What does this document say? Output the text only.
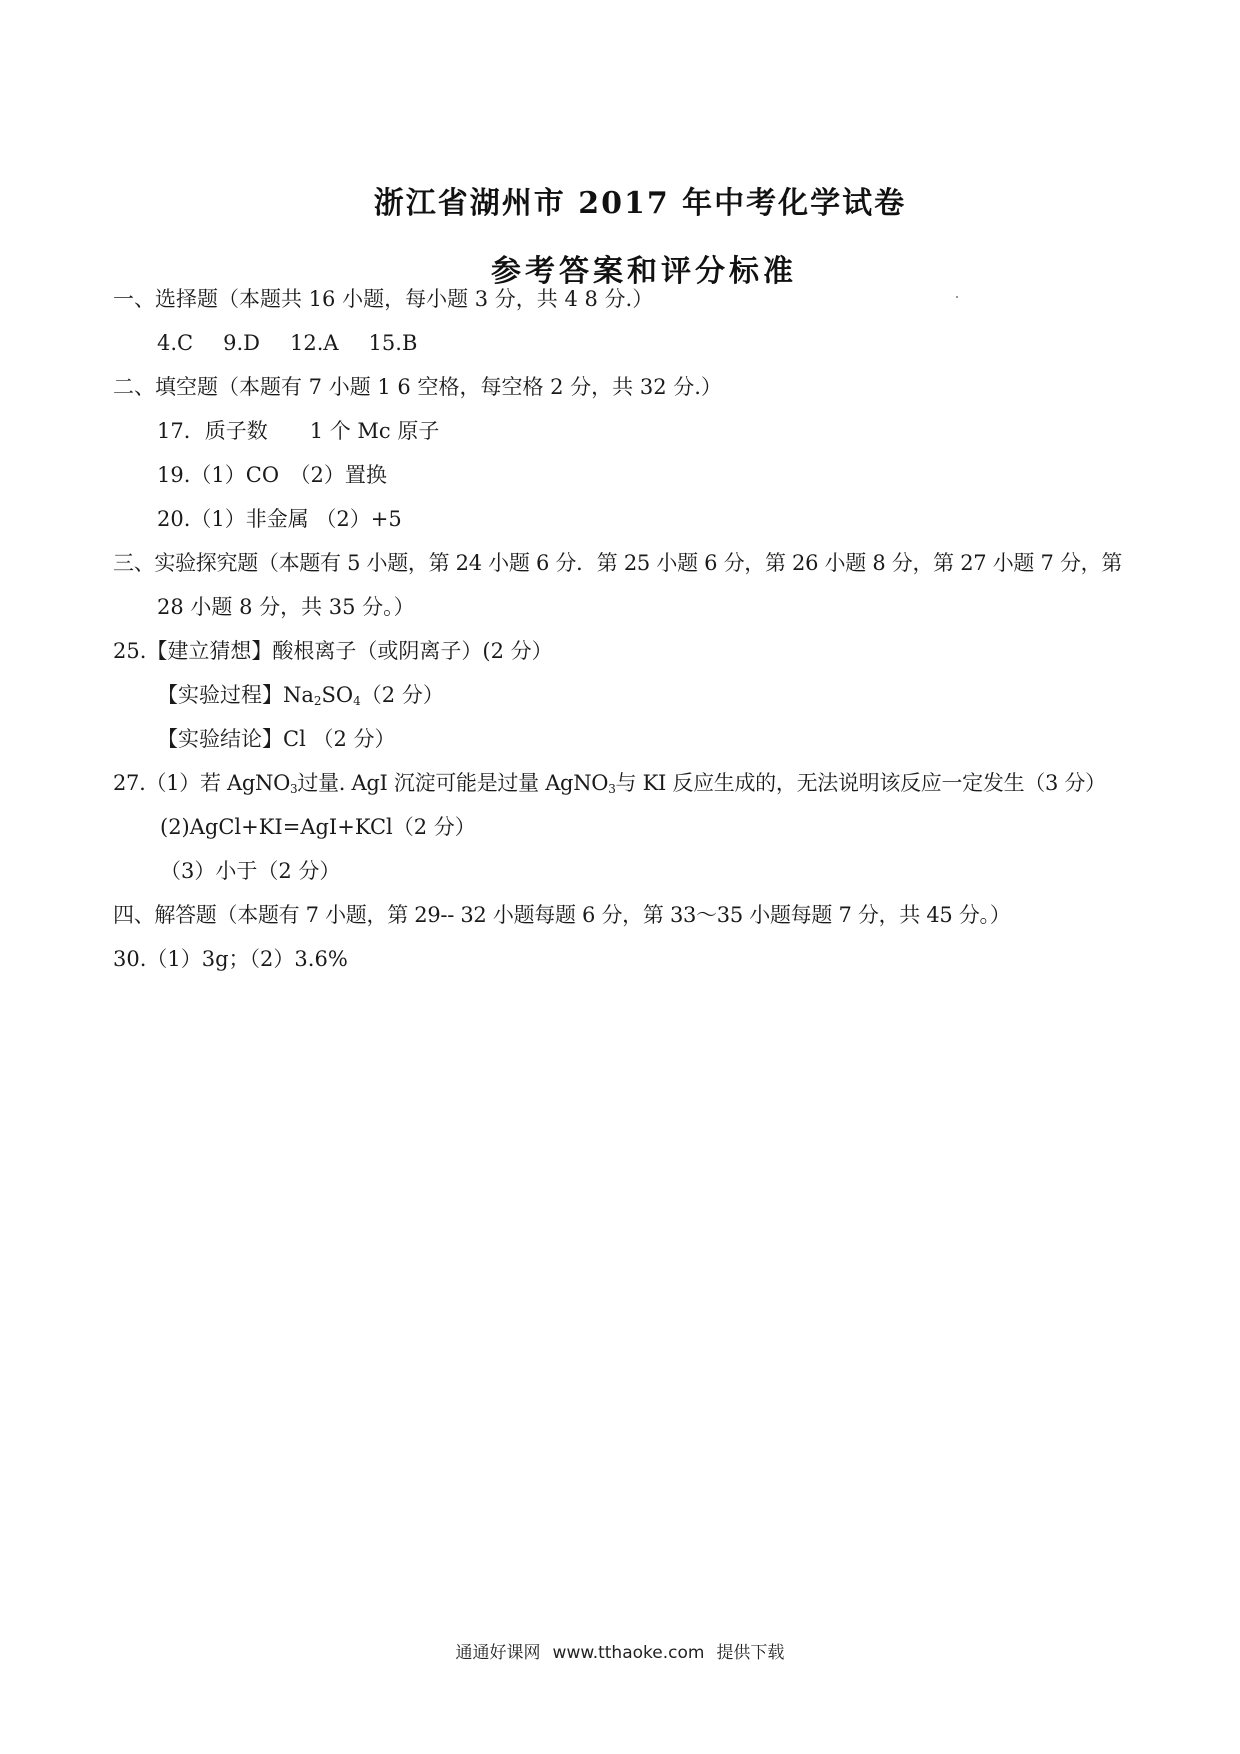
浙江省湖州市 2017 年中考化学试卷
参考答案和评分标准
一、选择题（本题共 16 小题，每小题 3 分，共 4 8 分.）
4.C 9.D 12.A 15.B
二、填空题（本题有 7 小题 1 6 空格，每空格 2 分，共 32 分.）
17．质子数　　1 个 Mc 原子
19.（1）CO　（2）置换
20.（1）非金属 （2）+5
三、实验探究题（本题有 5 小题，第 24 小题 6 分．第 25 小题 6 分，第 26 小题 8 分，第 27 小题 7 分，第
28 小题 8 分，共 35 分。）
25.【建立猜想】酸根离子（或阴离子）(2 分）
【实验过程】$Na_2SO_4(2$ 分）
【实验结论】Cl （2 分）
27.（1）若 AgNO$_3$过量. AgI 沉淀可能是过量 AgNO$_3$与 KI 反应生成的，无法说明该反应一定发生（3 分）
(2)AgCl+KI=AgI+KCl（2 分）
（3）小于（2 分）
四、解答题（本题有 7 小题，第 29-- 32 小题每题 6 分，第 33～35 小题每题 7 分，共 45 分。）
30.（1）3g；（2）3.6%
通通好课网 www.tthaoke.com 提供下载
